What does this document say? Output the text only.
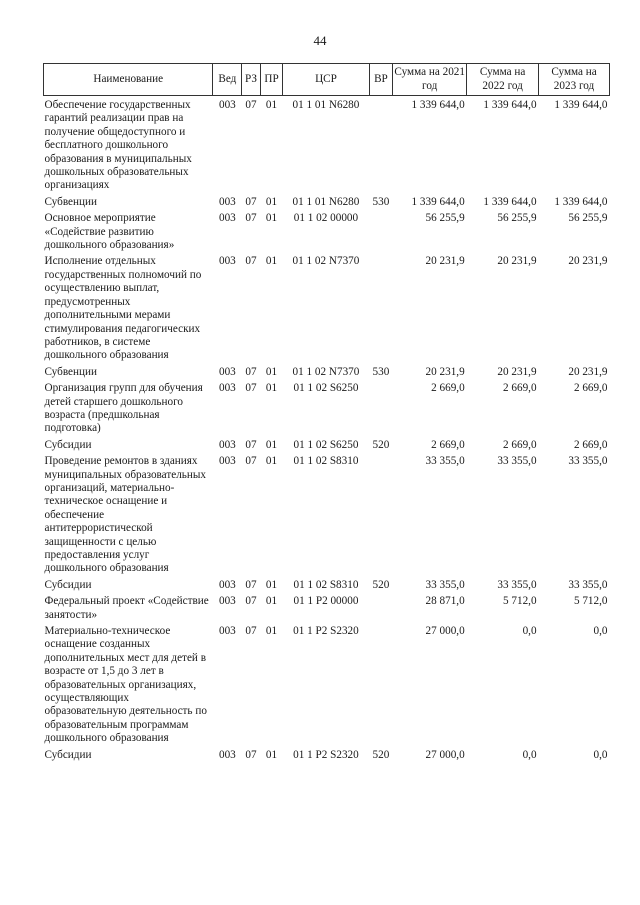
44
Наименование	Вед	РЗ	ПР	ЦСР	ВР	Сумма на 2021 год	Сумма на 2022 год	Сумма на 2023 год
Обеспечение государственных гарантий реализации прав на получение общедоступного и бесплатного дошкольного образования в муниципальных дошкольных образовательных организациях	003	07	01	01 1 01 N6280		1 339 644,0	1 339 644,0	1 339 644,0
Субвенции	003	07	01	01 1 01 N6280	530	1 339 644,0	1 339 644,0	1 339 644,0
Основное мероприятие «Содействие развитию дошкольного образования»	003	07	01	01 1 02 00000		56 255,9	56 255,9	56 255,9
Исполнение отдельных государственных полномочий по осуществлению выплат, предусмотренных дополнительными мерами стимулирования педагогических работников, в системе дошкольного образования	003	07	01	01 1 02 N7370		20 231,9	20 231,9	20 231,9
Субвенции	003	07	01	01 1 02 N7370	530	20 231,9	20 231,9	20 231,9
Организация групп для обучения детей старшего дошкольного возраста (предшкольная подготовка)	003	07	01	01 1 02 S6250		2 669,0	2 669,0	2 669,0
Субсидии	003	07	01	01 1 02 S6250	520	2 669,0	2 669,0	2 669,0
Проведение ремонтов в зданиях муниципальных образовательных организаций, материально-техническое оснащение и обеспечение антитеррористической защищенности с целью предоставления услуг дошкольного образования	003	07	01	01 1 02 S8310		33 355,0	33 355,0	33 355,0
Субсидии	003	07	01	01 1 02 S8310	520	33 355,0	33 355,0	33 355,0
Федеральный проект «Содействие занятости»	003	07	01	01 1 P2 00000		28 871,0	5 712,0	5 712,0
Материально-техническое оснащение созданных дополнительных мест для детей в возрасте от 1,5 до 3 лет в образовательных организациях, осуществляющих образовательную деятельность по образовательным программам дошкольного образования	003	07	01	01 1 P2 S2320		27 000,0	0,0	0,0
Субсидии	003	07	01	01 1 P2 S2320	520	27 000,0	0,0	0,0
